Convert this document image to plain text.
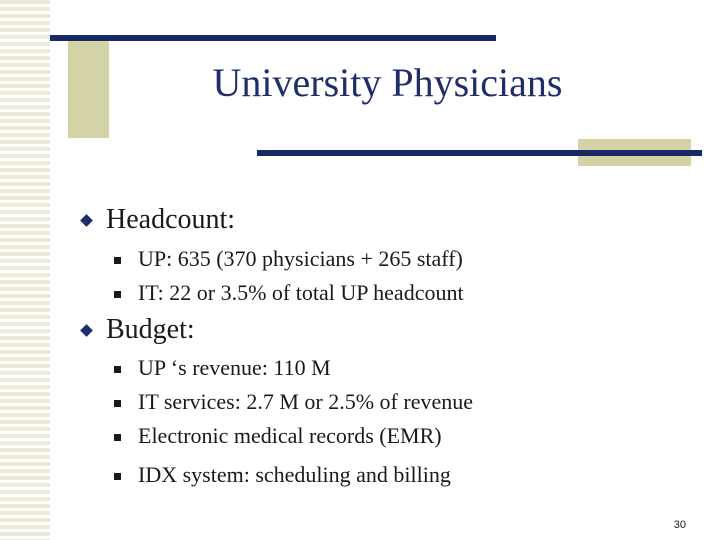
University Physicians
Headcount:
UP: 635 (370 physicians + 265 staff)
IT: 22 or 3.5% of total UP headcount
Budget:
UP ‘s revenue: 110 M
IT services: 2.7 M or 2.5% of revenue
Electronic medical records (EMR)
IDX system: scheduling and billing
30
